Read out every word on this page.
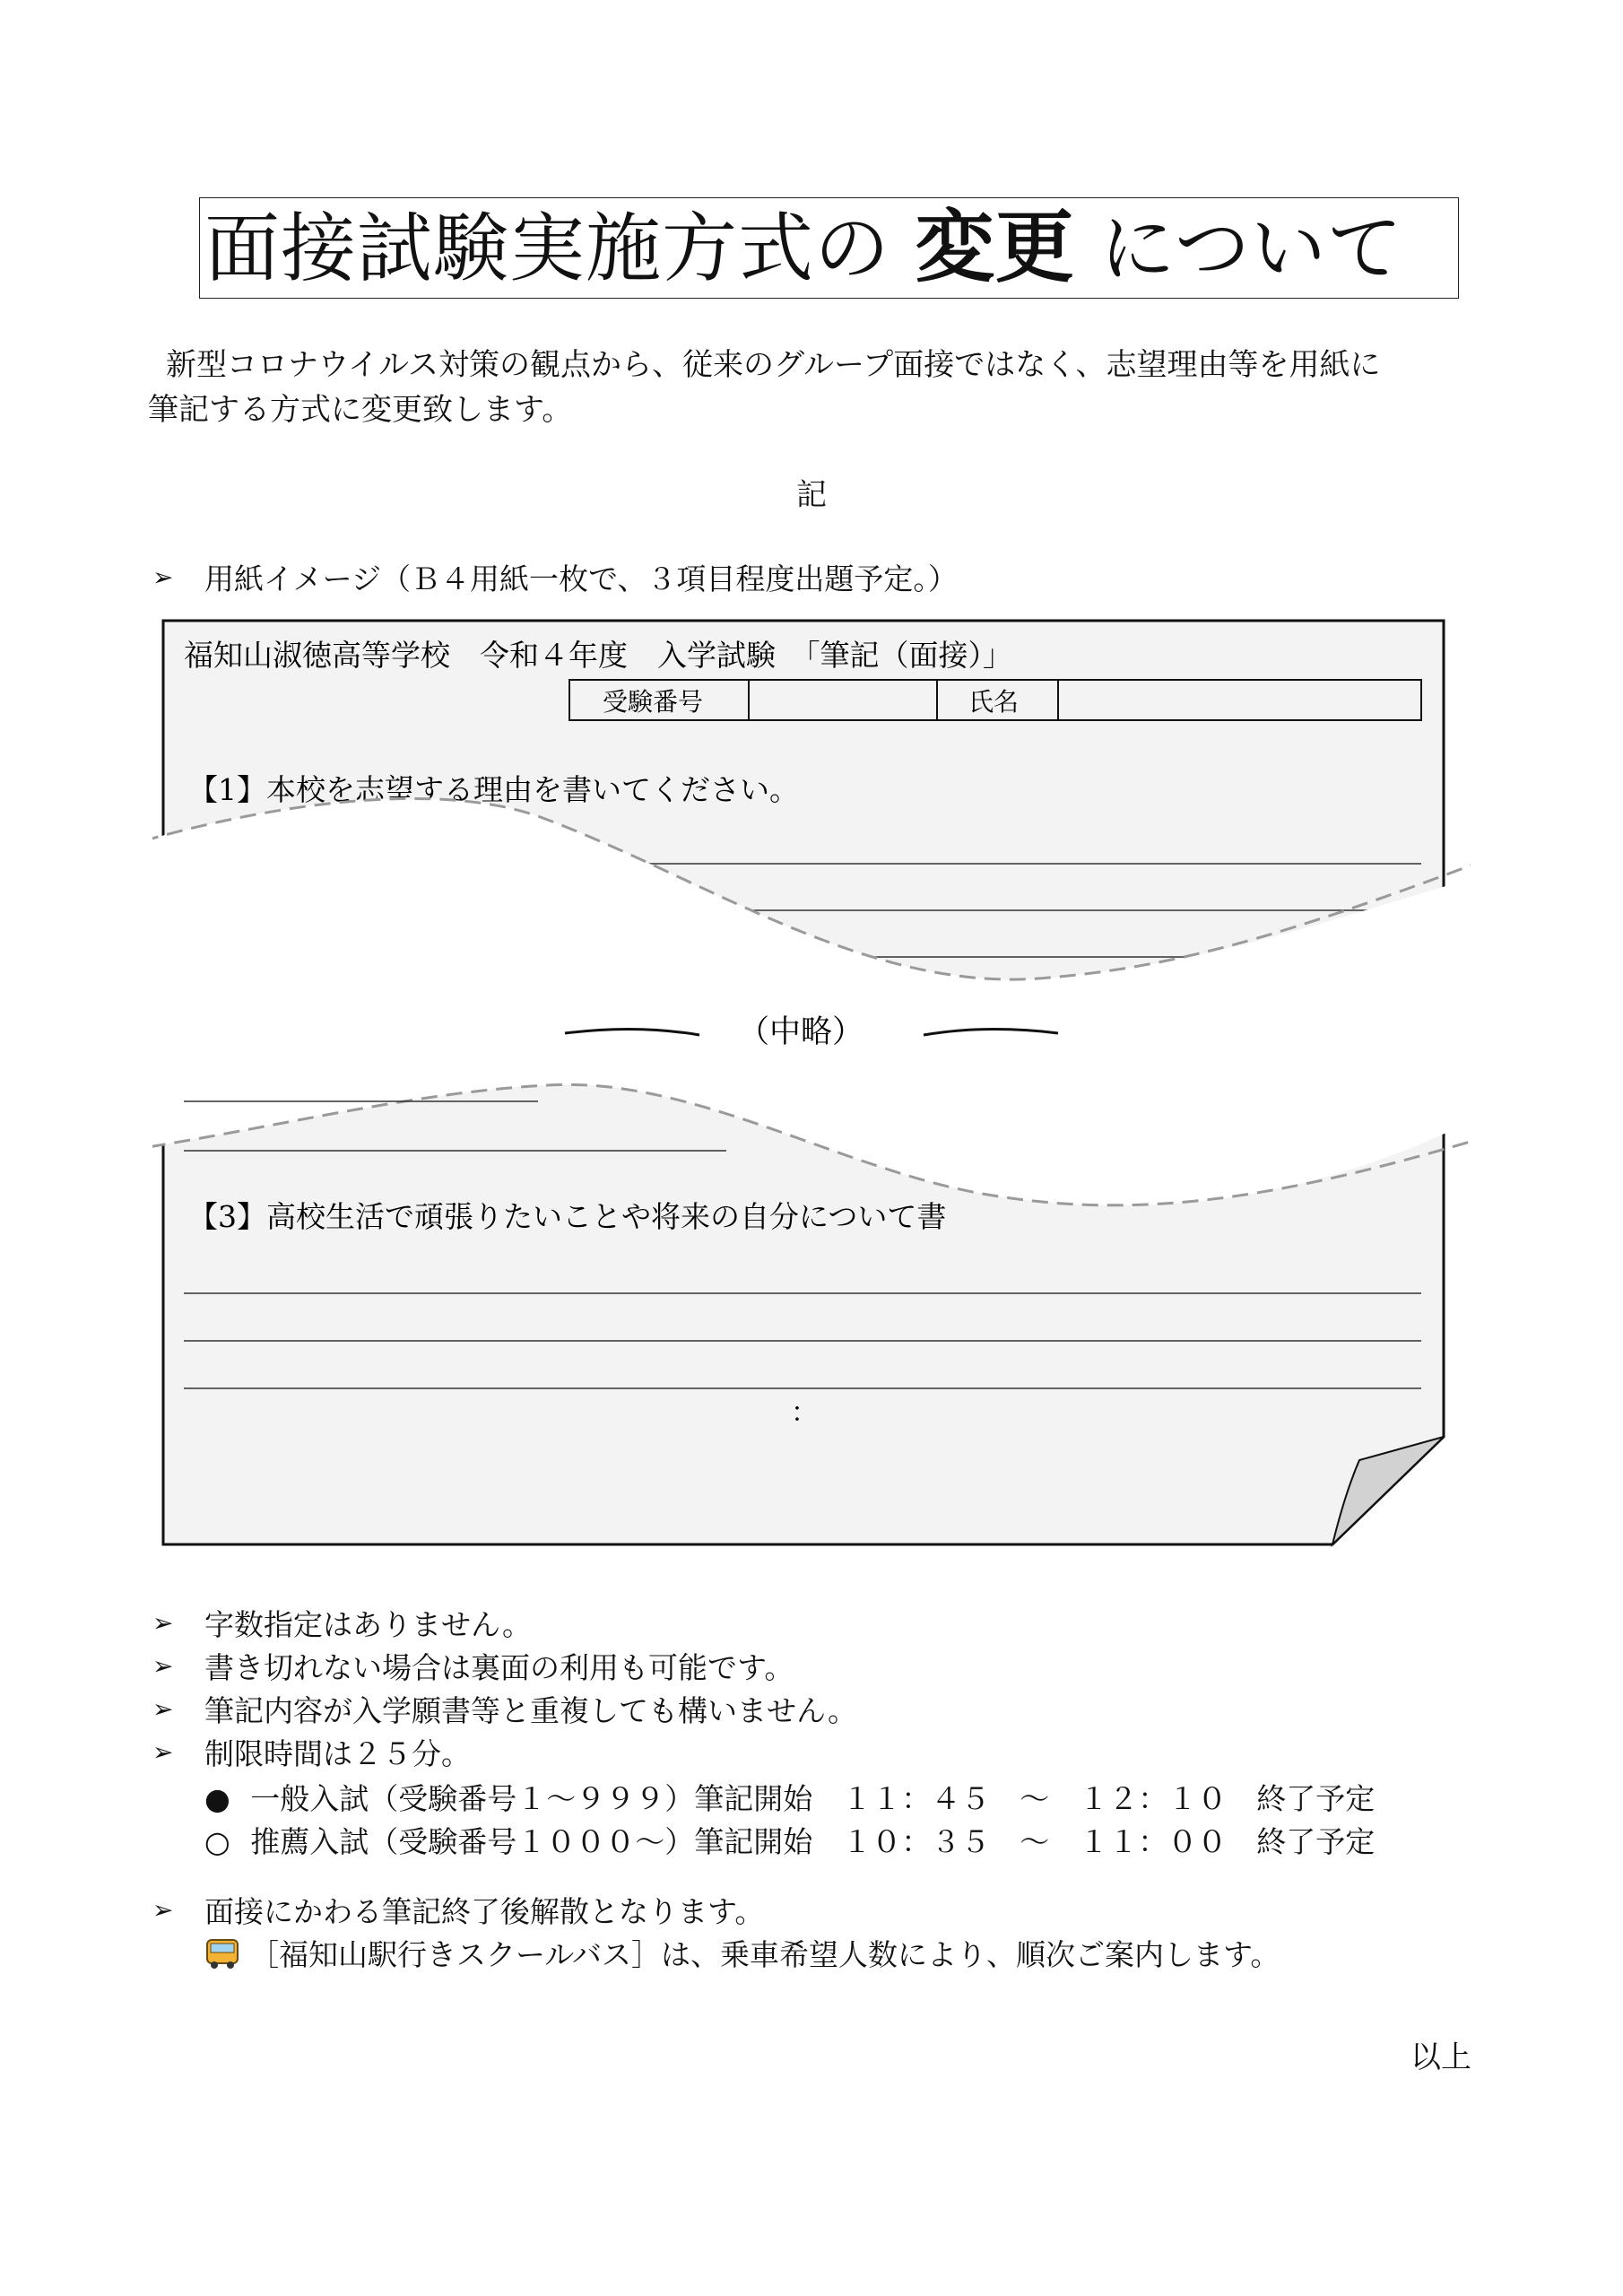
面接試験実施方式の 変更 について
新型コロナウイルス対策の観点から、従来のグループ面接ではなく、志望理由等を用紙に
筆記する方式に変更致します。
記
➢ 用紙イメージ（Ｂ４用紙一枚で、３項目程度出題予定。）
福知山淑徳高等学校　令和４年度　入学試験　「筆記（面接）」
受験番号	氏名
【1】本校を志望する理由を書いてください。
（中略）
【3】高校生活で頑張りたいことや将来の自分について書
：
➢ 字数指定はありません。
➢ 書き切れない場合は裏面の利用も可能です。
➢ 筆記内容が入学願書等と重複しても構いません。
➢ 制限時間は２５分。
● 一般入試（受験番号１～９９９）筆記開始　１１：４５　～　１２：１０　終了予定
○ 推薦入試（受験番号１０００～）筆記開始　１０：３５　～　１１：００　終了予定
➢ 面接にかわる筆記終了後解散となります。
［福知山駅行きスクールバス］は、乗車希望人数により、順次ご案内します。
以上
